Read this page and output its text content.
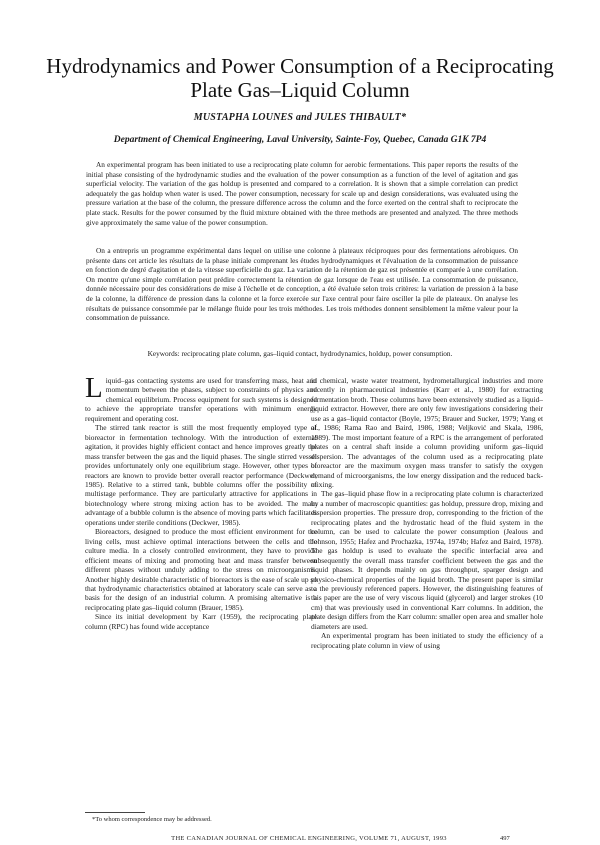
Hydrodynamics and Power Consumption of a Reciprocating Plate Gas–Liquid Column
MUSTAPHA LOUNES and JULES THIBAULT*
Department of Chemical Engineering, Laval University, Sainte-Foy, Quebec, Canada G1K 7P4

An experimental program has been initiated to use a reciprocating plate column for aerobic fermentations. This paper reports the results of the initial phase consisting of the hydrodynamic studies and the evaluation of the power consumption as a function of the level of agitation and gas superficial velocity. The variation of the gas holdup is presented and compared to a correlation. It is shown that a simple correlation can predict adequately the gas holdup when water is used. The power consumption, necessary for scale up and design considerations, was evaluated using the pressure variation at the base of the column, the pressure difference across the column and the force exerted on the central shaft to reciprocate the plate stack. Results for the power consumed by the fluid mixture obtained with the three methods are presented and analyzed. The three methods give approximately the same value of the power consumption.

On a entrepris un programme expérimental dans lequel on utilise une colonne à plateaux réciproques pour des fermentations aérobiques. On présente dans cet article les résultats de la phase initiale comprenant les études hydrodynamiques et l'évaluation de la consommation de puissance en fonction de degré d'agitation et de la vitesse superficielle du gaz. La variation de la rétention de gaz est présentée et comparée à une corrélation. On montre qu'une simple corrélation peut prédire correctement la rétention de gaz lorsque de l'eau est utilisée. La consommation de puissance, donnée nécessaire pour des considérations de mise à l'échelle et de conception, a été évaluée selon trois critères: la variation de pression à la base de la colonne, la différence de pression dans la colonne et la force exercée sur l'axe central pour faire osciller la pile de plateaux. On analyse les résultats de puissance consommée par le mélange fluide pour les trois méthodes. Les trois méthodes donnent sensiblement la même valeur pour la consommation de puissance.

Keywords: reciprocating plate column, gas–liquid contact, hydrodynamics, holdup, power consumption.

Liquid–gas contacting systems are used for transferring mass, heat and momentum between the phases, subject to constraints of physics and chemical equilibrium. Process equipment for such systems is designed to achieve the appropriate transfer operations with minimum energy requirement and operating cost.

The stirred tank reactor is still the most frequently employed type of bioreactor in fermentation technology. With the introduction of external agitation, it provides highly efficient contact and hence improves greatly the mass transfer between the gas and the liquid phases. The single stirred vessel provides unfortunately only one equilibrium stage. However, other types of reactors are known to provide better overall reactor performance (Deckwer, 1985). Relative to a stirred tank, bubble columns offer the possibility of multistage performance. They are particularly attractive for applications in biotechnology where strong mixing action has to be avoided. The main advantage of a bubble column is the absence of moving parts which facilitates operations under sterile conditions (Deckwer, 1985).

Bioreactors, designed to produce the most efficient environment for the living cells, must achieve optimal interactions between the cells and the culture media. In a closely controlled environment, they have to provide efficient means of mixing and promoting heat and mass transfer between different phases without unduly adding to the stress on microorganisms. Another highly desirable characteristic of bioreactors is the ease of scale up so that hydrodynamic characteristics obtained at laboratory scale can serve as a basis for the design of an industrial column. A promising alternative is a reciprocating plate gas–liquid column (Brauer, 1985).

Since its initial development by Karr (1959), the reciprocating plate column (RPC) has found wide acceptance

in chemical, waste water treatment, hydrometallurgical industries and more recently in pharmaceutical industries (Karr et al., 1980) for extracting fermentation broth. These columns have been extensively studied as a liquid–liquid extractor. However, there are only few investigations considering their use as a gas–liquid contactor (Boyle, 1975; Brauer and Sucker, 1979; Yang et al., 1986; Rama Rao and Baird, 1986, 1988; Veljković and Skala, 1986, 1989). The most important feature of a RPC is the arrangement of perforated plates on a central shaft inside a column providing uniform gas–liquid dispersion. The advantages of the column used as a reciprocating plate bioreactor are the maximum oxygen mass transfer to satisfy the oxygen demand of microorganisms, the low energy dissipation and the reduced back-mixing.

The gas–liquid phase flow in a reciprocating plate column is characterized by a number of macroscopic quantities: gas holdup, pressure drop, mixing and dispersion properties. The pressure drop, corresponding to the friction of the reciprocating plates and the hydrostatic head of the fluid system in the column, can be used to calculate the power consumption (Jealous and Johnson, 1955; Hafez and Prochazka, 1974a, 1974b; Hafez and Baird, 1978). The gas holdup is used to evaluate the specific interfacial area and subsequently the overall mass transfer coefficient between the gas and the liquid phases. It depends mainly on gas throughput, sparger design and physico-chemical properties of the liquid broth. The present paper is similar to the previously referenced papers. However, the distinguishing features of this paper are the use of very viscous liquid (glycerol) and larger strokes (10 cm) that was previously used in conventional Karr columns. In addition, the plate design differs from the Karr column: smaller open area and smaller hole diameters are used.

An experimental program has been initiated to study the efficiency of a reciprocating plate column in view of using

*To whom correspondence may be addressed.

THE CANADIAN JOURNAL OF CHEMICAL ENGINEERING, VOLUME 71, AUGUST, 1993	497
